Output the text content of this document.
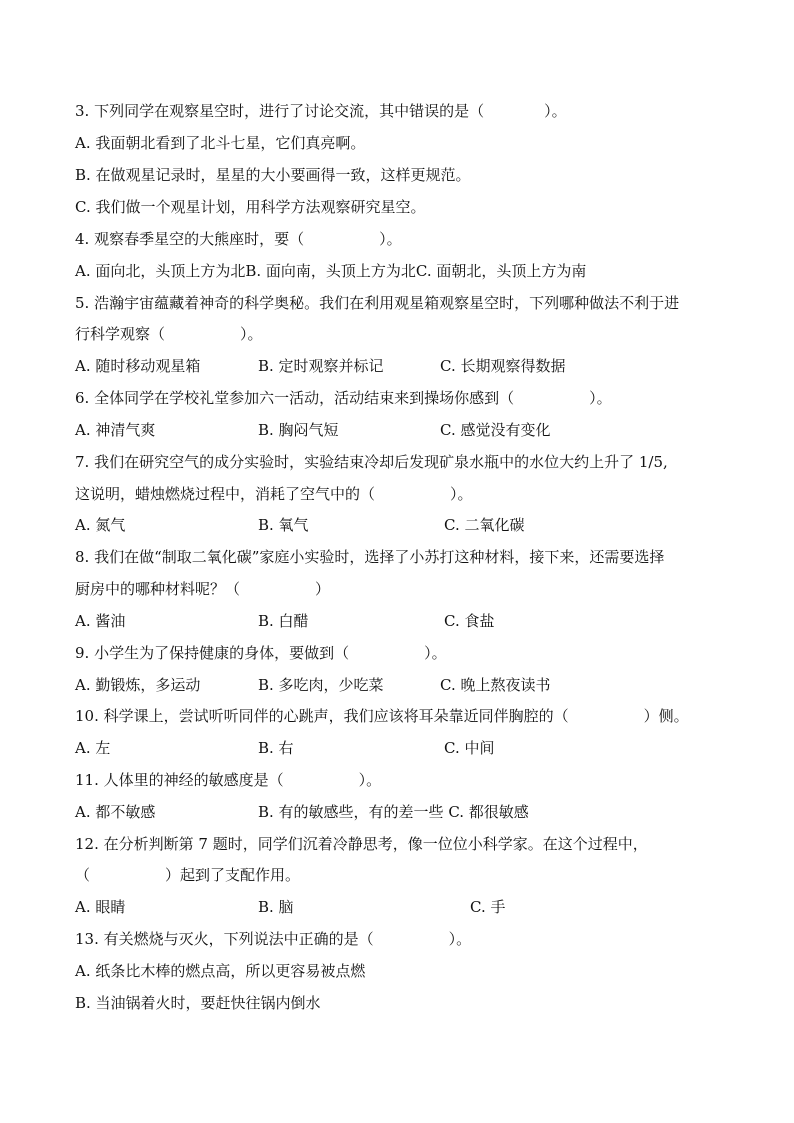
3. 下列同学在观察星空时，进行了讨论交流，其中错误的是（　　　　）。
A. 我面朝北看到了北斗七星，它们真亮啊。
B. 在做观星记录时，星星的大小要画得一致，这样更规范。
C. 我们做一个观星计划，用科学方法观察研究星空。
4. 观察春季星空的大熊座时，要（　　　　　）。
A. 面向北，头顶上方为北B. 面向南，头顶上方为北C. 面朝北，头顶上方为南
5. 浩瀚宇宙蕴藏着神奇的科学奥秘。我们在利用观星箱观察星空时，下列哪种做法不利于进
行科学观察（　　　　　）。
A. 随时移动观星箱	B. 定时观察并标记	C. 长期观察得数据
6. 全体同学在学校礼堂参加六一活动，活动结束来到操场你感到（　　　　　）。
A. 神清气爽	B. 胸闷气短	C. 感觉没有变化
7. 我们在研究空气的成分实验时，实验结束冷却后发现矿泉水瓶中的水位大约上升了 1/5,
这说明，蜡烛燃烧过程中，消耗了空气中的（　　　　　）。
A. 氮气	B. 氧气	C. 二氧化碳
8. 我们在做“制取二氧化碳”家庭小实验时，选择了小苏打这种材料，接下来，还需要选择
厨房中的哪种材料呢？（　　　　　）
A. 酱油	B. 白醋	C. 食盐
9. 小学生为了保持健康的身体，要做到（　　　　　）。
A. 勤锻炼，多运动	B. 多吃肉，少吃菜	C. 晚上熬夜读书
10. 科学课上，尝试听听同伴的心跳声，我们应该将耳朵靠近同伴胸腔的（　　　　　）侧。
A. 左	B. 右	C. 中间
11. 人体里的神经的敏感度是（　　　　　）。
A. 都不敏感	B. 有的敏感些，有的差一些 C. 都很敏感
12. 在分析判断第 7 题时，同学们沉着冷静思考，像一位位小科学家。在这个过程中，
（　　　　　）起到了支配作用。
A. 眼睛	B. 脑	C. 手
13. 有关燃烧与灭火，下列说法中正确的是（　　　　　）。
A. 纸条比木棒的燃点高，所以更容易被点燃
B. 当油锅着火时，要赶快往锅内倒水
